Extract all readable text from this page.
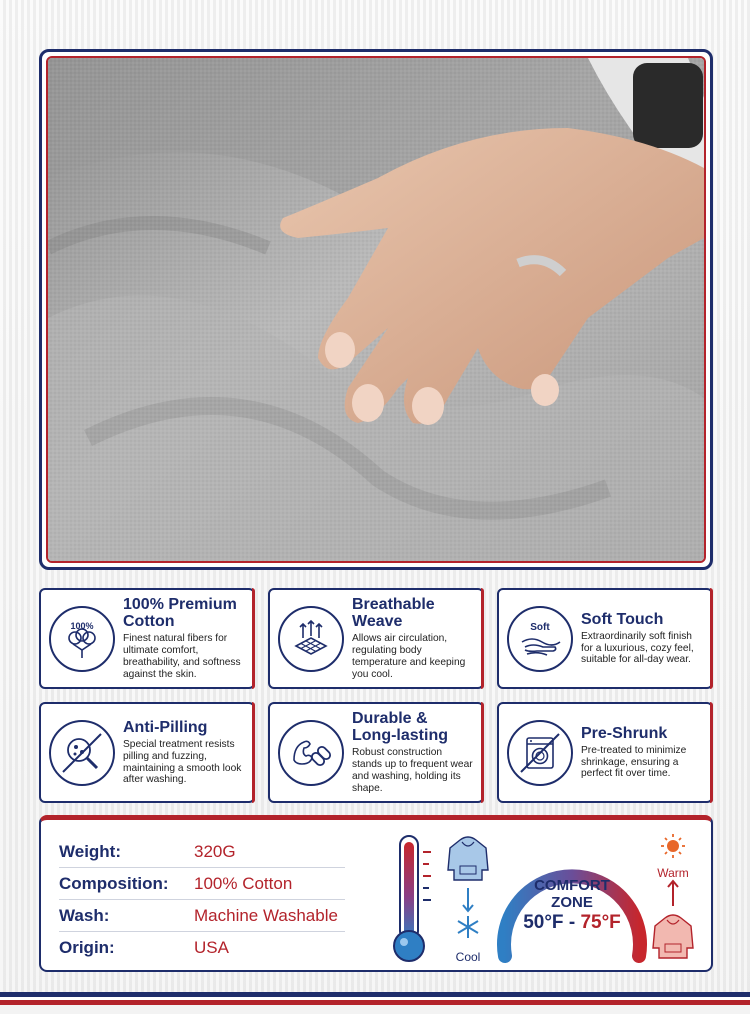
100%
100% Premium Cotton
Finest natural fibers for ultimate comfort, breathability, and softness against the skin.
Breathable Weave
Allows air circulation, regulating body temperature and keeping you cool.
Soft Soft Touch
Extraordinarily soft finish for a luxurious, cozy feel, suitable for all-day wear.
Anti-Pilling
Special treatment resists pilling and fuzzing, maintaining a smooth look after washing.
Durable & Long-lasting
Robust construction stands up to frequent wear and washing, holding its shape.
Pre-Shrunk
Pre-treated to minimize shrinkage, ensuring a perfect fit over time.
Weight:	320G
Composition:	100% Cotton
Wash:	Machine Washable
Origin:	USA	Cool
COMFORT
ZONE
50°F - 75°F
Warm
